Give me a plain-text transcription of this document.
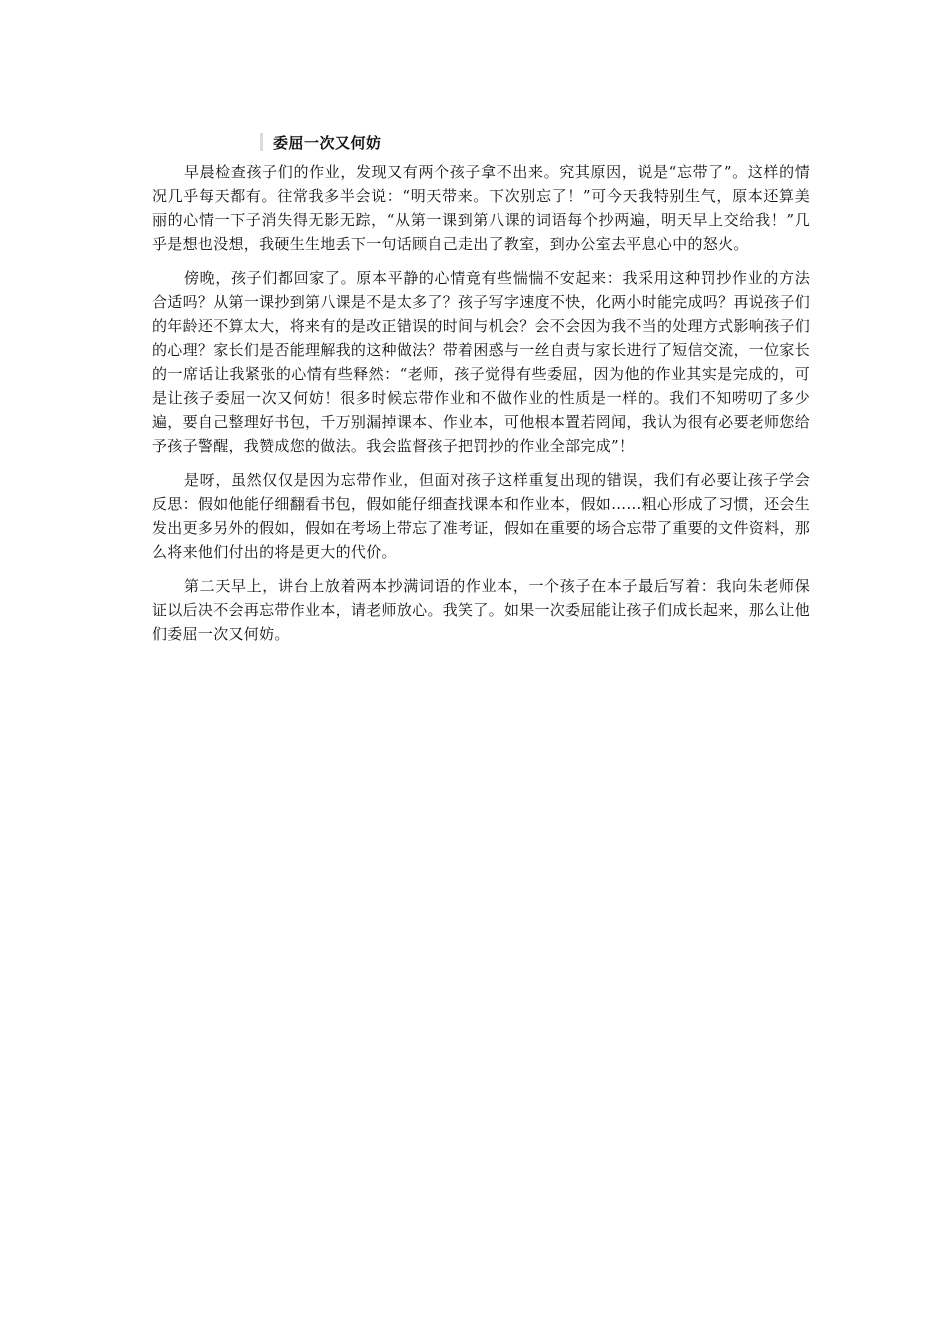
委屈一次又何妨

早晨检查孩子们的作业，发现又有两个孩子拿不出来。究其原因，说是“忘带了”。这样的情况几乎每天都有。往常我多半会说：“明天带来。下次别忘了！”可今天我特别生气，原本还算美丽的心情一下子消失得无影无踪，“从第一课到第八课的词语每个抄两遍，明天早上交给我！”几乎是想也没想，我硬生生地丢下一句话顾自己走出了教室，到办公室去平息心中的怒火。

傍晚，孩子们都回家了。原本平静的心情竟有些惴惴不安起来：我采用这种罚抄作业的方法合适吗？从第一课抄到第八课是不是太多了？孩子写字速度不快，化两小时能完成吗？再说孩子们的年龄还不算太大，将来有的是改正错误的时间与机会？会不会因为我不当的处理方式影响孩子们的心理？家长们是否能理解我的这种做法？带着困惑与一丝自责与家长进行了短信交流，一位家长的一席话让我紧张的心情有些释然：“老师，孩子觉得有些委屈，因为他的作业其实是完成的，可是让孩子委屈一次又何妨！很多时候忘带作业和不做作业的性质是一样的。我们不知唠叨了多少遍，要自己整理好书包，千万别漏掉课本、作业本，可他根本置若罔闻，我认为很有必要老师您给予孩子警醒，我赞成您的做法。我会监督孩子把罚抄的作业全部完成”！

是呀，虽然仅仅是因为忘带作业，但面对孩子这样重复出现的错误，我们有必要让孩子学会反思：假如他能仔细翻看书包，假如能仔细查找课本和作业本，假如……粗心形成了习惯，还会生发出更多另外的假如，假如在考场上带忘了准考证，假如在重要的场合忘带了重要的文件资料，那么将来他们付出的将是更大的代价。

第二天早上，讲台上放着两本抄满词语的作业本，一个孩子在本子最后写着：我向朱老师保证以后决不会再忘带作业本，请老师放心。我笑了。如果一次委屈能让孩子们成长起来，那么让他们委屈一次又何妨。
